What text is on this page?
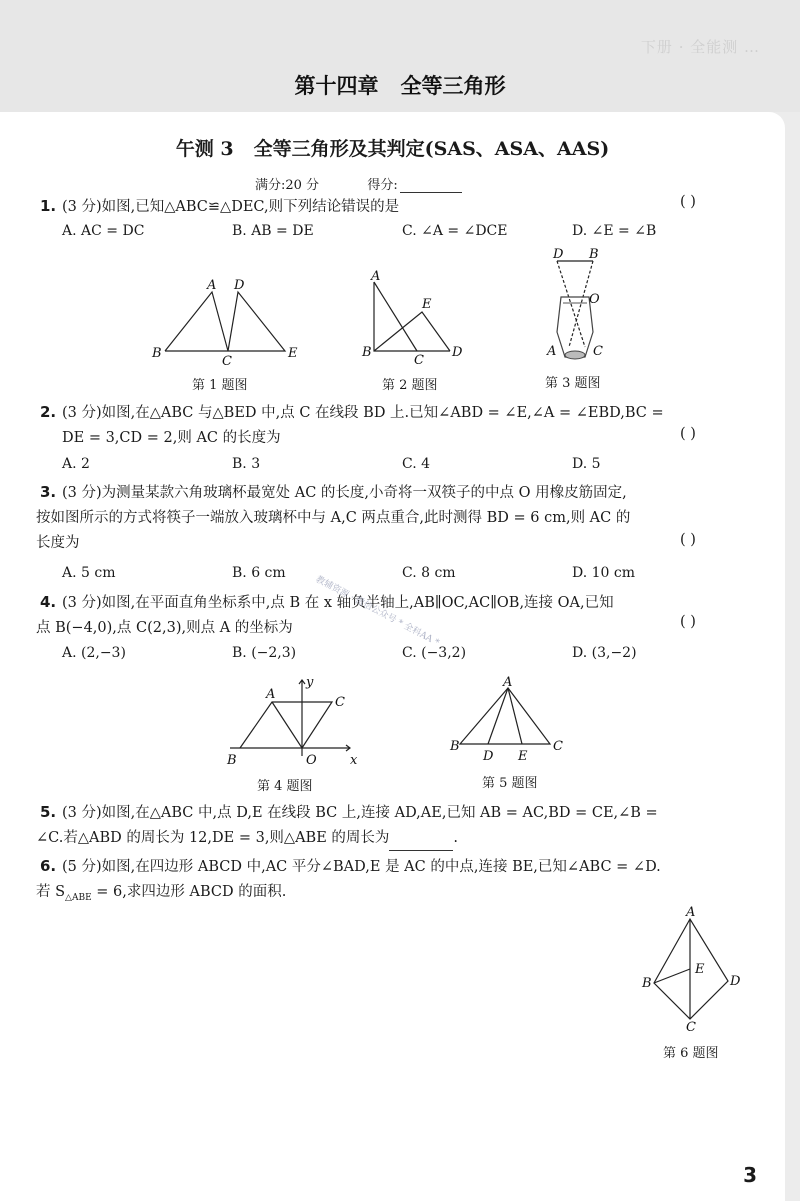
下册 · 全能测 …
第十四章 全等三角形
午测 3 全等三角形及其判定(SAS、ASA、AAS)
满分:20 分	得分:
1. (3 分)如图,已知△ABC≌△DEC,则下列结论错误的是	( )
A. AC = DC	B. AB = DE	C. ∠A = ∠DCE	D. ∠E = ∠B
A D
B
C
E
第 1 题图
A
E
B
C
D
第 2 题图
D B
O
A	C
第 3 题图
2. (3 分)如图,在△ABC 与△BED 中,点 C 在线段 BD 上.已知∠ABD = ∠E,∠A = ∠EBD,BC =
DE = 3,CD = 2,则 AC 的长度为	( )
A. 2	B. 3	C. 4	D. 5
3. (3 分)为测量某款六角玻璃杯最宽处 AC 的长度,小奇将一双筷子的中点 O 用橡皮筋固定,
按如图所示的方式将筷子一端放入玻璃杯中与 A,C 两点重合,此时测得 BD = 6 cm,则 AC 的
长度为	( )
A. 5 cm	B. 6 cm	C. 8 cm	D. 10 cm
4. (3 分)如图,在平面直角坐标系中,点 B 在 x 轴负半轴上,AB∥OC,AC∥OB,连接 OA,已知
点 B(−4,0),点 C(2,3),则点 A 的坐标为	( )
A. (2,−3)	B. (−2,3)	C. (−3,2)	D. (3,−2)
A
y
C
B	O	x
第 4 题图
A
B
D E
C
第 5 题图
5. (3 分)如图,在△ABC 中,点 D,E 在线段 BC 上,连接 AD,AE,已知 AB = AC,BD = CE,∠B =
∠C.若△ABD 的周长为 12,DE = 3,则△ABE 的周长为	.
6. (5 分)如图,在四边形 ABCD 中,AC 平分∠BAD,E 是 AC 的中点,连接 BE,已知∠ABC = ∠D.
若 $S_{\triangle ABE} = 6$,求四边形 ABCD 的面积.
A
E
B	D
C
第 6 题图
教辅资源 · 微信公众号 * 全科AA *
3
